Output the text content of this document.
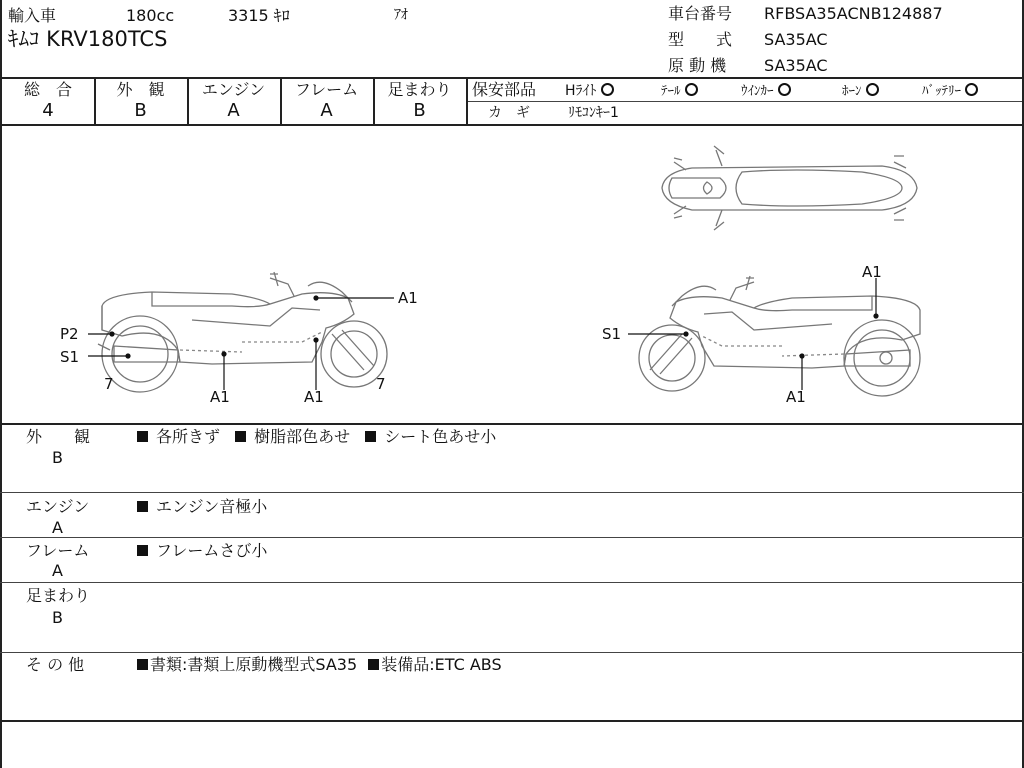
輸入車	180cc	3315 ｷﾛ	ｱｵ
ｷﾑｺ KRV180TCS
車台番号 RFBSA35ACNB124887
型　　式 SA35AC
原 動 機 SA35AC
総　合
4
外　観
B
エンジン
A
フレーム
A
足まわり
B
保安部品 Hﾗｲﾄ	ﾃｰﾙ	ｳｲﾝｶｰ	ﾎｰﾝ	ﾊﾞｯﾃﾘｰ
カ　ギ	ﾘﾓｺﾝｷｰ1
A1
P2
S1
7
A1	A1
7
A1
S1
A1
外　　観
B
各所きず 樹脂部色あせ シート色あせ小
エンジン
A
エンジン音極小
フレーム
A
フレームさび小
足まわり
B
そ の 他	書類:書類上原動機型式SA35 装備品:ETC ABS
